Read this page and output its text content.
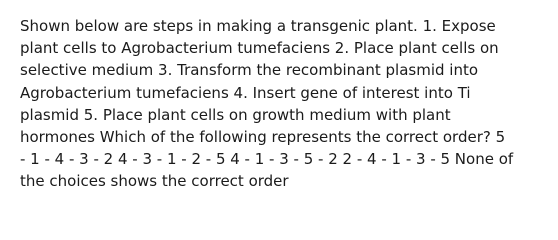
Shown below are steps in making a transgenic plant. 1. Expose
plant cells to Agrobacterium tumefaciens 2. Place plant cells on
selective medium 3. Transform the recombinant plasmid into
Agrobacterium tumefaciens 4. Insert gene of interest into Ti
plasmid 5. Place plant cells on growth medium with plant
hormones Which of the following represents the correct order? 5
- 1 - 4 - 3 - 2 4 - 3 - 1 - 2 - 5 4 - 1 - 3 - 5 - 2 2 - 4 - 1 - 3 - 5 None of
the choices shows the correct order
